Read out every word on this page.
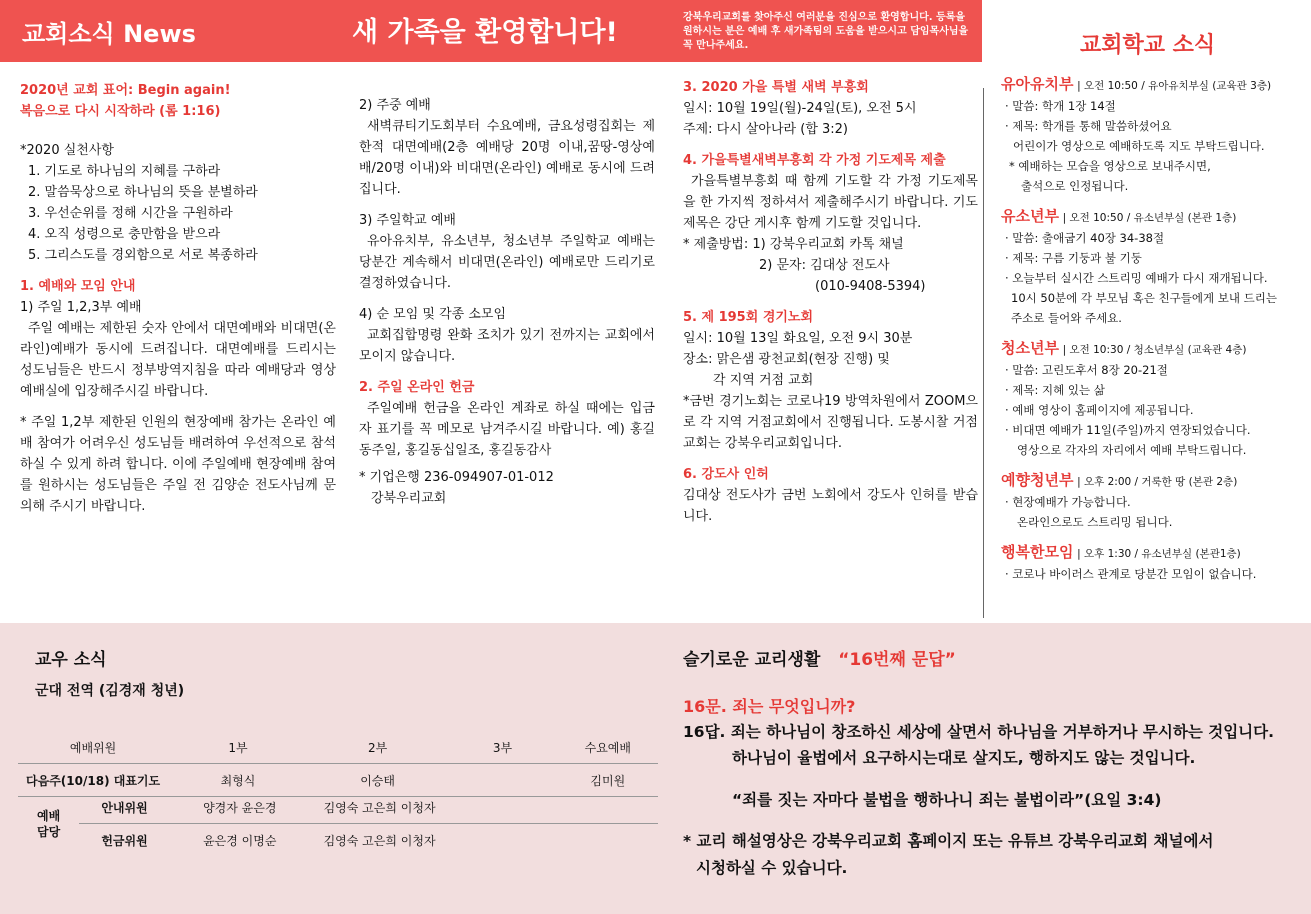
교회소식 News	새 가족을 환영합니다!	강북우리교회를 찾아주신 여러분을 진심으로 환영합니다. 등록을 원하시는 분은 예배 후 새가족팀의 도움을 받으시고 담임목사님을 꼭 만나주세요.	교회학교 소식

2020년 교회 표어: Begin again!

복음으로 다시 시작하라 (롬 1:16)

*2020 실천사항

1. 기도로 하나님의 지혜를 구하라

2. 말씀묵상으로 하나님의 뜻을 분별하라

3. 우선순위를 정해 시간을 구원하라

4. 오직 성령으로 충만함을 받으라

5. 그리스도를 경외함으로 서로 복종하라

1. 예배와 모임 안내

1) 주일 1,2,3부 예배

주일 예배는 제한된 숫자 안에서 대면예배와 비대면(온라인)예배가 동시에 드려집니다. 대면예배를 드리시는 성도님들은 반드시 정부방역지침을 따라 예배당과 영상 예배실에 입장해주시길 바랍니다.

* 주일 1,2부 제한된 인원의 현장예배 참가는 온라인 예배 참여가 어려우신 성도님들 배려하여 우선적으로 참석하실 수 있게 하려 합니다. 이에 주일예배 현장예배 참여를 원하시는 성도님들은 주일 전 김양순 전도사님께 문의해 주시기 바랍니다.

2) 주중 예배

새벽큐티기도회부터 수요예배, 금요성령집회는 제한적 대면예배(2층 예배당 20명 이내,꿈땅-영상예배/20명 이내)와 비대면(온라인) 예배로 동시에 드려집니다.

3) 주일학교 예배

유아유치부, 유소년부, 청소년부 주일학교 예배는 당분간 계속해서 비대면(온라인) 예배로만 드리기로 결정하였습니다.

4) 순 모임 및 각종 소모임

교회집합명령 완화 조치가 있기 전까지는 교회에서 모이지 않습니다.

2. 주일 온라인 헌금

주일예배 헌금을 온라인 계좌로 하실 때에는 입금자 표기를 꼭 메모로 남겨주시길 바랍니다. 예) 홍길동주일, 홍길동십일조, 홍길동감사

* 기업은행 236-094907-01-012

강북우리교회

3. 2020 가을 특별 새벽 부흥회

일시: 10월 19일(월)-24일(토), 오전 5시

주제: 다시 살아나라 (합 3:2)

4. 가을특별새벽부흥회 각 가정 기도제목 제출

가을특별부흥회 때 함께 기도할 각 가정 기도제목을 한 가지씩 정하셔서 제출해주시기 바랍니다. 기도제목은 강단 게시후 함께 기도할 것입니다.

* 제출방법: 1) 강북우리교회 카톡 채널

2) 문자: 김대상 전도사

(010-9408-5394)

5. 제 195회 경기노회

일시: 10월 13일 화요일, 오전 9시 30분

장소: 맑은샘 광천교회(현장 진행) 및

각 지역 거점 교회

*금번 경기노회는 코로나19 방역차원에서 ZOOM으로 각 지역 거점교회에서 진행됩니다. 도봉시찰 거점교회는 강북우리교회입니다.

6. 강도사 인허

김대상 전도사가 금번 노회에서 강도사 인허를 받습니다.

유아유치부 | 오전 10:50 / 유아유치부실 (교육관 3층)

· 말씀: 학개 1장 14절

· 제목: 학개를 통해 말씀하셨어요

어린이가 영상으로 예배하도록 지도 부탁드립니다.

* 예배하는 모습을 영상으로 보내주시면,

출석으로 인정됩니다.

유소년부 | 오전 10:50 / 유소년부실 (본관 1층)

· 말씀: 출애굽기 40장 34-38절

· 제목: 구름 기둥과 불 기둥

· 오늘부터 실시간 스트리밍 예배가 다시 재개됩니다.

10시 50분에 각 부모님 혹은 친구들에게 보내 드리는

주소로 들어와 주세요.

청소년부 | 오전 10:30 / 청소년부실 (교육관 4층)

· 말씀: 고린도후서 8장 20-21절

· 제목: 지혜 있는 삶

· 예배 영상이 홈페이지에 제공됩니다.

· 비대면 예배가 11일(주일)까지 연장되었습니다.

영상으로 각자의 자리에서 예배 부탁드립니다.

예향청년부 | 오후 2:00 / 거룩한 땅 (본관 2층)

· 현장예배가 가능합니다.

온라인으로도 스트리밍 됩니다.

행복한모임 | 오후 1:30 / 유소년부실 (본관1층)

· 코로나 바이러스 관계로 당분간 모임이 없습니다.

교우 소식
군대 전역 (김경재 청년)
예배위원	1부	2부	3부	수요예배
다음주(10/18) 대표기도	최형식	이승태		김미원
예배
담당	안내위원	양경자 윤은경	김영숙 고은희 이청자	
	헌금위원	윤은경 이명순	김영숙 고은희 이청자	
슬기로운 교리생활 “16번째 문답”
16문. 죄는 무엇입니까?
16답. 죄는 하나님이 창조하신 세상에 살면서 하나님을 거부하거나 무시하는 것입니다.
하나님이 율법에서 요구하시는대로 살지도, 행하지도 않는 것입니다.
“죄를 짓는 자마다 불법을 행하나니 죄는 불법이라”(요일 3:4)
* 교리 해설영상은 강북우리교회 홈페이지 또는 유튜브 강북우리교회 채널에서
시청하실 수 있습니다.
